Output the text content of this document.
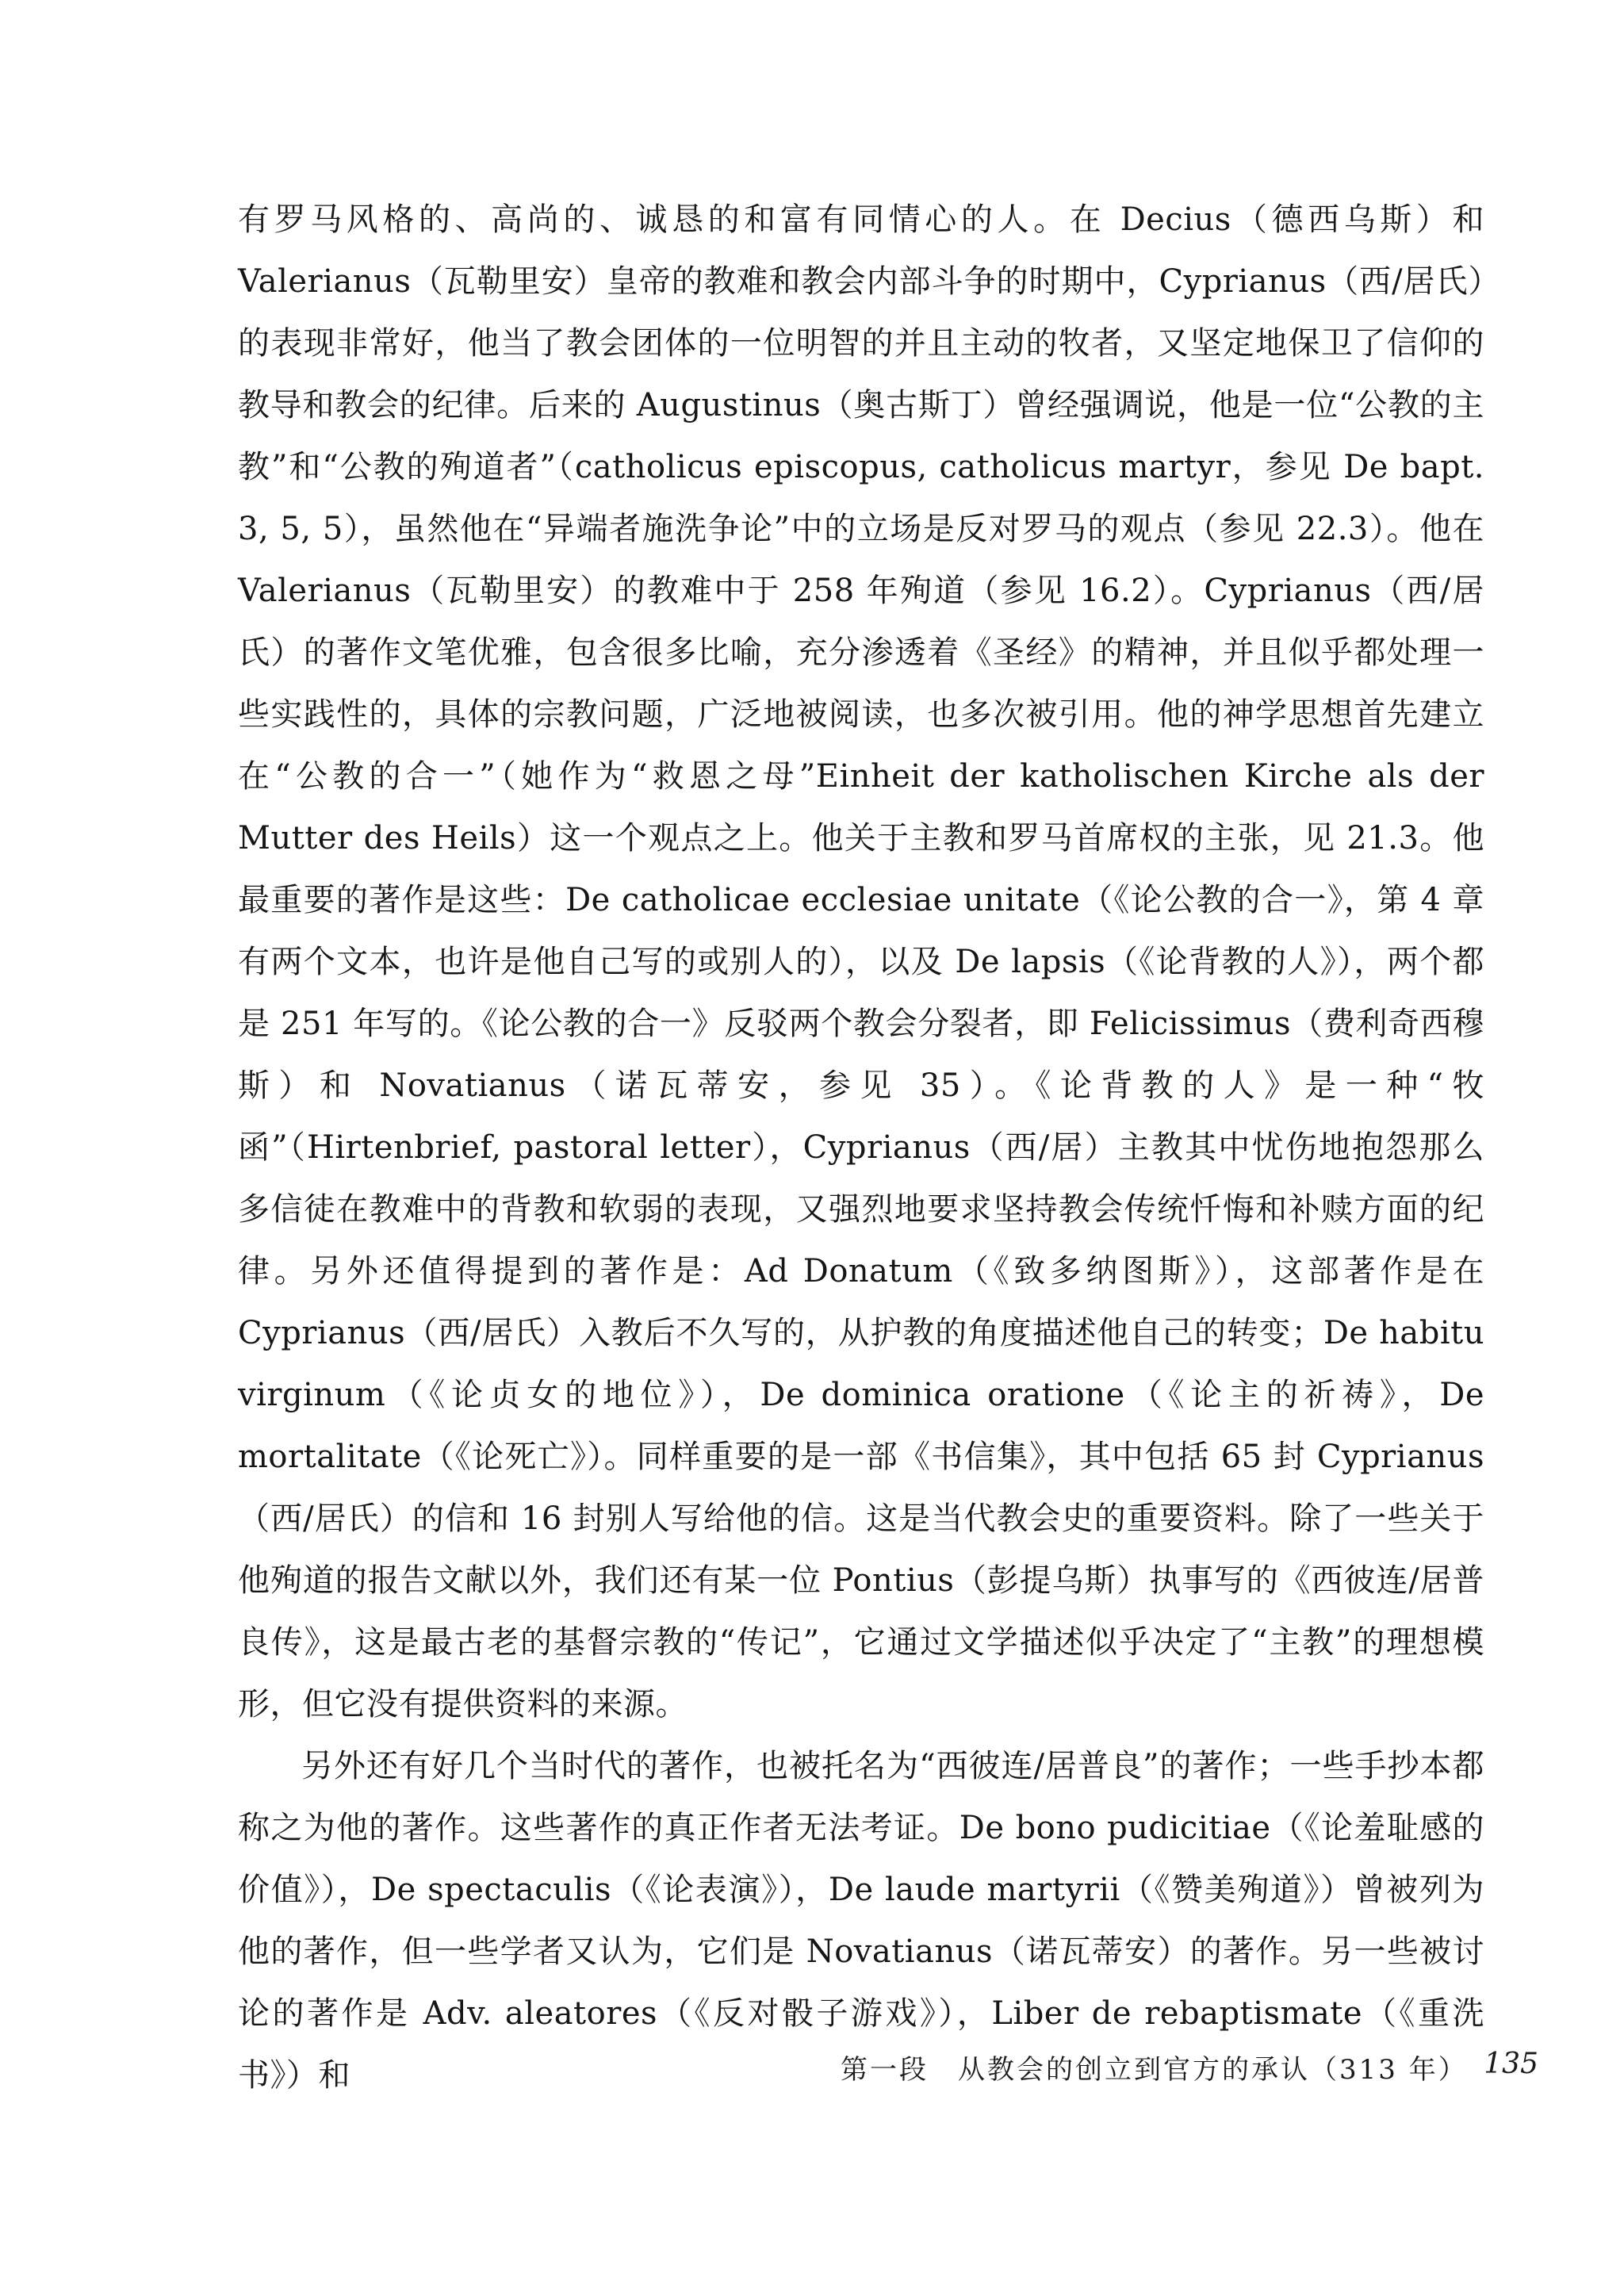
有罗马风格的、高尚的、诚恳的和富有同情心的人。在 Decius（德西乌斯）和 Valerianus（瓦勒里安）皇帝的教难和教会内部斗争的时期中，Cyprianus（西/居氏）的表现非常好，他当了教会团体的一位明智的并且主动的牧者，又坚定地保卫了信仰的教导和教会的纪律。后来的 Augustinus（奥古斯丁）曾经强调说，他是一位“公教的主教”和“公教的殉道者”（catholicus episcopus, catholicus martyr，参见 De bapt. 3, 5, 5），虽然他在“异端者施洗争论”中的立场是反对罗马的观点（参见 22.3）。他在 Valerianus（瓦勒里安）的教难中于 258 年殉道（参见 16.2）。Cyprianus（西/居氏）的著作文笔优雅，包含很多比喻，充分渗透着《圣经》的精神，并且似乎都处理一些实践性的，具体的宗教问题，广泛地被阅读，也多次被引用。他的神学思想首先建立在“公教的合一”（她作为“救恩之母”Einheit der katholischen Kirche als der Mutter des Heils）这一个观点之上。他关于主教和罗马首席权的主张，见 21.3。他最重要的著作是这些：De catholicae ecclesiae unitate（《论公教的合一》，第 4 章有两个文本，也许是他自己写的或别人的），以及 De lapsis（《论背教的人》），两个都是 251 年写的。《论公教的合一》反驳两个教会分裂者，即 Felicissimus（费利奇西穆斯）和 Novatianus（诺瓦蒂安，参见 35）。《论背教的人》是一种“牧函”（Hirtenbrief, pastoral letter），Cyprianus（西/居）主教其中忧伤地抱怨那么多信徒在教难中的背教和软弱的表现，又强烈地要求坚持教会传统忏悔和补赎方面的纪律。另外还值得提到的著作是：Ad Donatum（《致多纳图斯》），这部著作是在 Cyprianus（西/居氏）入教后不久写的，从护教的角度描述他自己的转变；De habitu virginum（《论贞女的地位》），De dominica oratione（《论主的祈祷》，De mortalitate（《论死亡》）。同样重要的是一部《书信集》，其中包括 65 封 Cyprianus（西/居氏）的信和 16 封别人写给他的信。这是当代教会史的重要资料。除了一些关于他殉道的报告文献以外，我们还有某一位 Pontius（彭提乌斯）执事写的《西彼连/居普良传》，这是最古老的基督宗教的“传记”，它通过文学描述似乎决定了“主教”的理想模形，但它没有提供资料的来源。

另外还有好几个当时代的著作，也被托名为“西彼连/居普良”的著作；一些手抄本都称之为他的著作。这些著作的真正作者无法考证。De bono pudicitiae（《论羞耻感的价值》），De spectaculis（《论表演》），De laude martyrii（《赞美殉道》）曾被列为他的著作，但一些学者又认为，它们是 Novatianus（诺瓦蒂安）的著作。另一些被讨论的著作是 Adv. aleatores（《反对骰子游戏》），Liber de rebaptismate（《重洗书》）和	第一段　从教会的创立到官方的承认（313 年） 135
